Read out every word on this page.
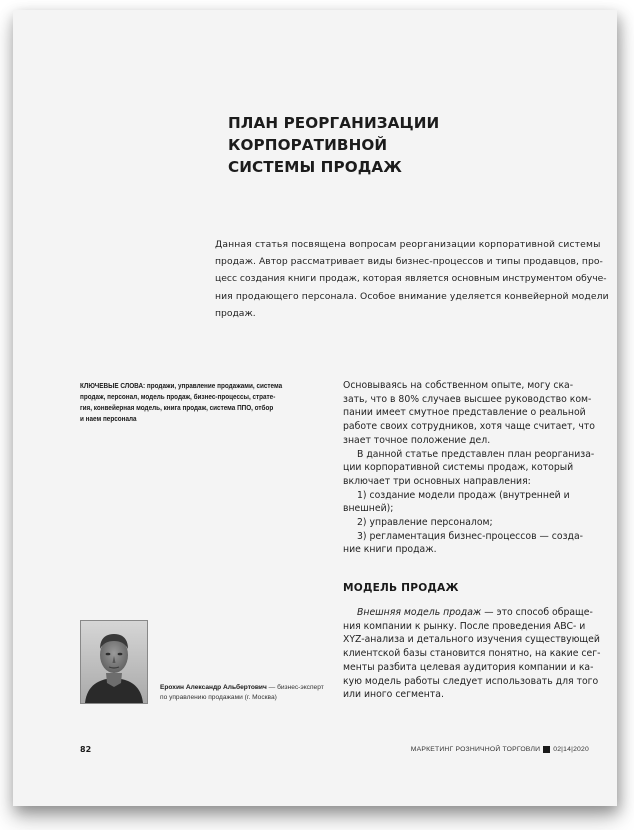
ПЛАН РЕОРГАНИЗАЦИИ КОРПОРАТИВНОЙ
СИСТЕМЫ ПРОДАЖ
Данная статья посвящена вопросам реорганизации корпоративной системы
продаж. Автор рассматривает виды бизнес-процессов и типы продавцов, про-
цесс создания книги продаж, которая является основным инструментом обуче-
ния продающего персонала. Особое внимание уделяется конвейерной модели
продаж.
КЛЮЧЕВЫЕ СЛОВА: продажи, управление продажами, система
продаж, персонал, модель продаж, бизнес-процессы, страте-
гия, конвейерная модель, книга продаж, система ППО, отбор
и наем персонала
Основываясь на собственном опыте, могу ска-
зать, что в 80% случаев высшее руководство ком-
пании имеет смутное представление о реальной
работе своих сотрудников, хотя чаще считает, что
знает точное положение дел.
В данной статье представлен план реорганиза-
ции корпоративной системы продаж, который
включает три основных направления:
1) создание модели продаж (внутренней и
внешней);
2) управление персоналом;
3) регламентация бизнес-процессов — созда-
ние книги продаж.
МОДЕЛЬ ПРОДАЖ
Внешняя модель продаж — это способ обраще-
ния компании к рынку. После проведения ABC- и
XYZ-анализа и детального изучения существующей
клиентской базы становится понятно, на какие сег-
менты разбита целевая аудитория компании и ка-
кую модель работы следует использовать для того
или иного сегмента.
Ерохин Александр Альбертович — бизнес-эксперт
по управлению продажами (г. Москва)
82	МАРКЕТИНГ РОЗНИЧНОЙ ТОРГОВЛИ 02|14|2020
